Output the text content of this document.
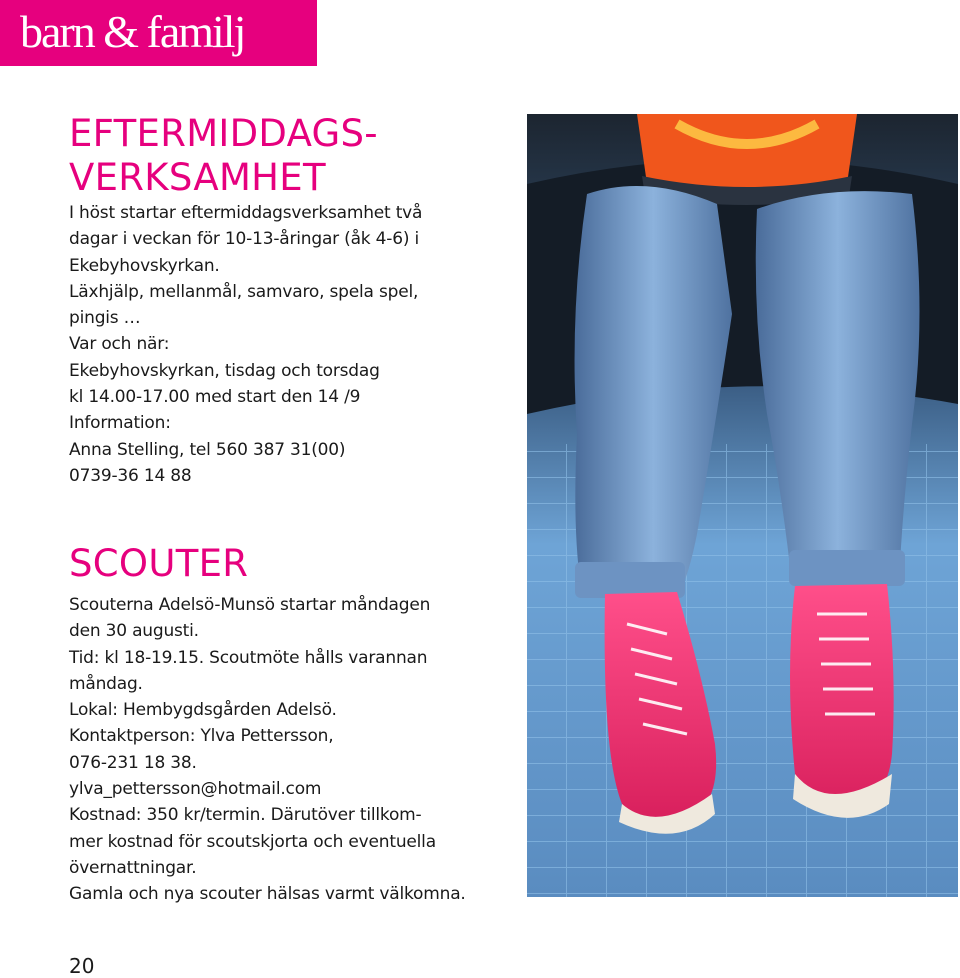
barn & familj
EFTERMIDDAGS-
VERKSAMHET

I höst startar eftermiddagsverksamhet två

dagar i veckan för 10-13-åringar (åk 4-6) i

Ekebyhovskyrkan.

Läxhjälp, mellanmål, samvaro, spela spel,

pingis …

Var och när:

Ekebyhovskyrkan, tisdag och torsdag

kl 14.00-17.00 med start den 14 /9

Information:

Anna Stelling, tel 560 387 31(00)

0739-36 14 88

SCOUTER

Scouterna Adelsö-Munsö startar måndagen

den 30 augusti.

Tid: kl 18-19.15. Scoutmöte hålls varannan

måndag.

Lokal: Hembygdsgården Adelsö.

Kontaktperson: Ylva Pettersson,

076-231 18 38.

ylva_pettersson@hotmail.com

Kostnad: 350 kr/termin. Därutöver tillkom-

mer kostnad för scoutskjorta och eventuella

övernattningar.

Gamla och nya scouter hälsas varmt välkomna.

20
